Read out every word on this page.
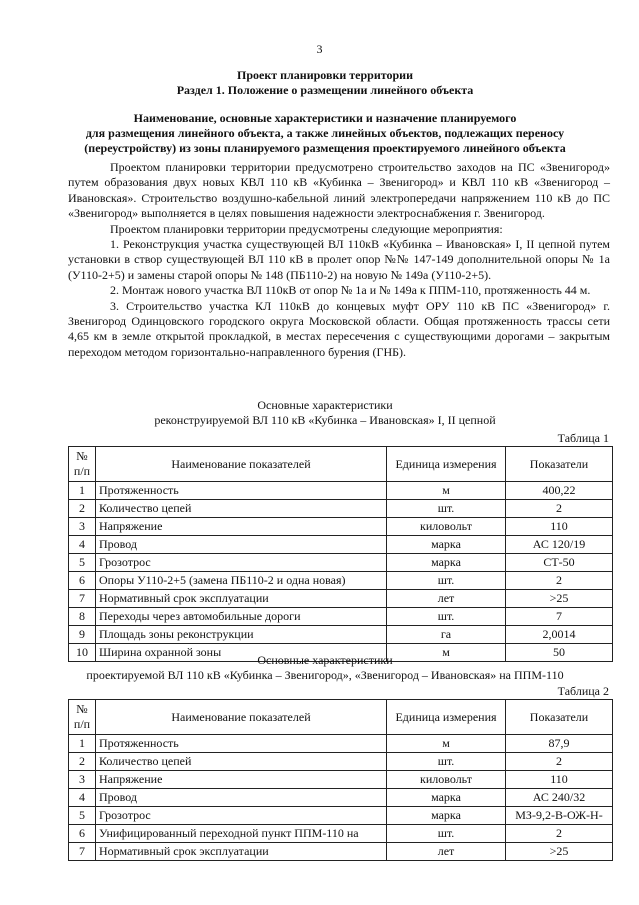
3
Проект планировки территории
Раздел 1. Положение о размещении линейного объекта
Наименование, основные характеристики и назначение планируемого
для размещения линейного объекта, а также линейных объектов, подлежащих переносу
(переустройству) из зоны планируемого размещения проектируемого линейного объекта

Проектом планировки территории предусмотрено строительство заходов на ПС «Звенигород» путем образования двух новых КВЛ 110 кВ «Кубинка – Звенигород» и КВЛ 110 кВ «Звенигород – Ивановская». Строительство воздушно-кабельной линий электропередачи напряжением 110 кВ до ПС «Звенигород» выполняется в целях повышения надежности электроснабжения г. Звенигород.

Проектом планировки территории предусмотрены следующие мероприятия:

1. Реконструкция участка существующей ВЛ 110кВ «Кубинка – Ивановская» I, II цепной путем установки в створ существующей ВЛ 110 кВ в пролет опор №№ 147-149 дополнительной опоры № 1а (У110-2+5) и замены старой опоры № 148 (ПБ110-2) на новую № 149а (У110-2+5).

2. Монтаж нового участка ВЛ 110кВ от опор № 1а и № 149а к ППМ-110, протяженность 44 м.

3. Строительство участка КЛ 110кВ до концевых муфт ОРУ 110 кВ ПС «Звенигород» г. Звенигород Одинцовского городского округа Московской области. Общая протяженность трассы сети 4,65 км в земле открытой прокладкой, в местах пересечения с существующими дорогами – закрытым переходом методом горизонтально-направленного бурения (ГНБ).

Основные характеристики
реконструируемой ВЛ 110 кВ «Кубинка – Ивановская» I, II цепной
Таблица 1
№ п/п	Наименование показателей	Единица измерения	Показатели
1	Протяженность	м	400,22
2	Количество цепей	шт.	2
3	Напряжение	киловольт	110
4	Провод	марка	АС 120/19
5	Грозотрос	марка	СТ-50
6	Опоры У110-2+5 (замена ПБ110-2 и одна новая)	шт.	2
7	Нормативный срок эксплуатации	лет	>25
8	Переходы через автомобильные дороги	шт.	7
9	Площадь зоны реконструкции	га	2,0014
10	Ширина охранной зоны	м	50
Основные характеристики
проектируемой ВЛ 110 кВ «Кубинка – Звенигород», «Звенигород – Ивановская» на ППМ-110
Таблица 2
№ п/п	Наименование показателей	Единица измерения	Показатели
1	Протяженность	м	87,9
2	Количество цепей	шт.	2
3	Напряжение	киловольт	110
4	Провод	марка	АС 240/32
5	Грозотрос	марка	МЗ-9,2-В-ОЖ-Н-
6	Унифицированный переходной пункт ППМ-110 на	шт.	2
7	Нормативный срок эксплуатации	лет	>25
